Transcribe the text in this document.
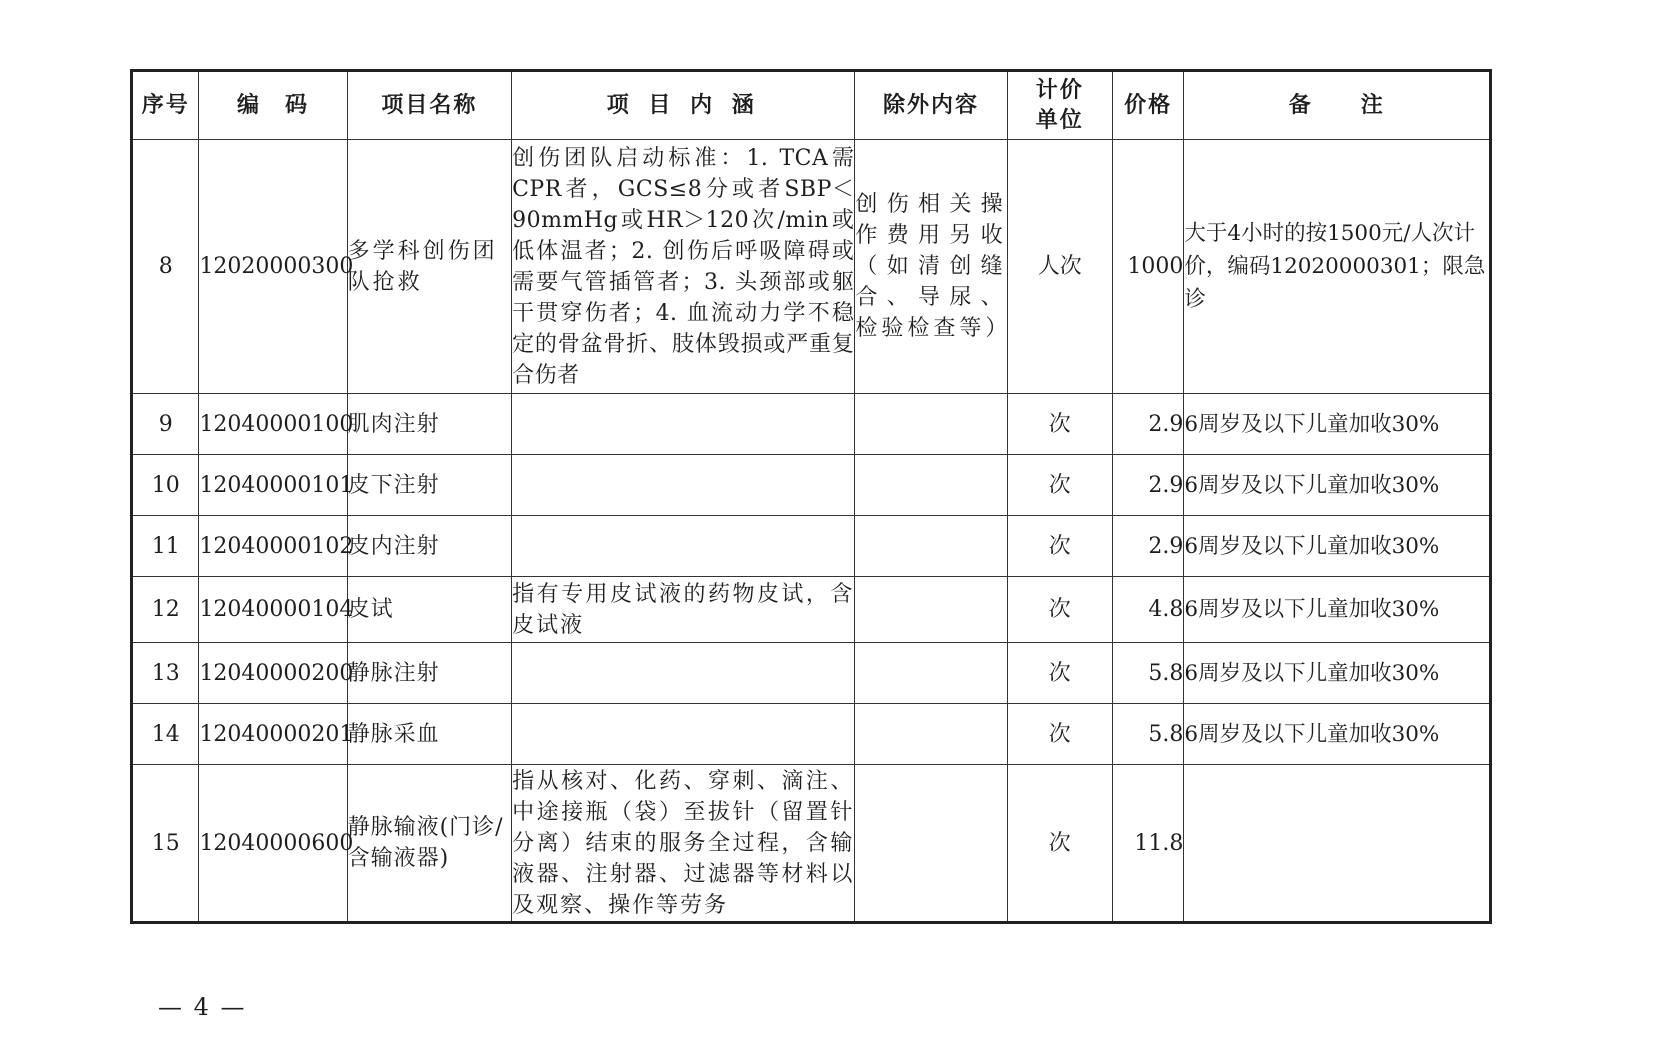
序号	编　码	项目名称	项 目 内 涵	除外内容	计价单位	价格	备　　注
8	12020000300	多学科创伤团队抢救	创伤团队启动标准：1. TCA需CPR者，GCS≤8分或者SBP＜90mmHg或HR＞120次/min或低体温者；2. 创伤后呼吸障碍或需要气管插管者；3. 头颈部或躯干贯穿伤者；4. 血流动力学不稳定的骨盆骨折、肢体毁损或严重复合伤者	创伤相关操作费用另收（如清创缝合、导尿、检验检查等）	人次	1000	大于4小时的按1500元/人次计价，编码12020000301；限急诊
9	12040000100	肌肉注射			次	2.9	6周岁及以下儿童加收30%
10	12040000101	皮下注射			次	2.9	6周岁及以下儿童加收30%
11	12040000102	皮内注射			次	2.9	6周岁及以下儿童加收30%
12	12040000104	皮试	指有专用皮试液的药物皮试，含皮试液		次	4.8	6周岁及以下儿童加收30%
13	12040000200	静脉注射			次	5.8	6周岁及以下儿童加收30%
14	12040000201	静脉采血			次	5.8	6周岁及以下儿童加收30%
15	12040000600	静脉输液(门诊/含输液器)	指从核对、化药、穿刺、滴注、中途接瓶（袋）至拔针（留置针分离）结束的服务全过程，含输液器、注射器、过滤器等材料以及观察、操作等劳务		次	11.8	
— 4 —
